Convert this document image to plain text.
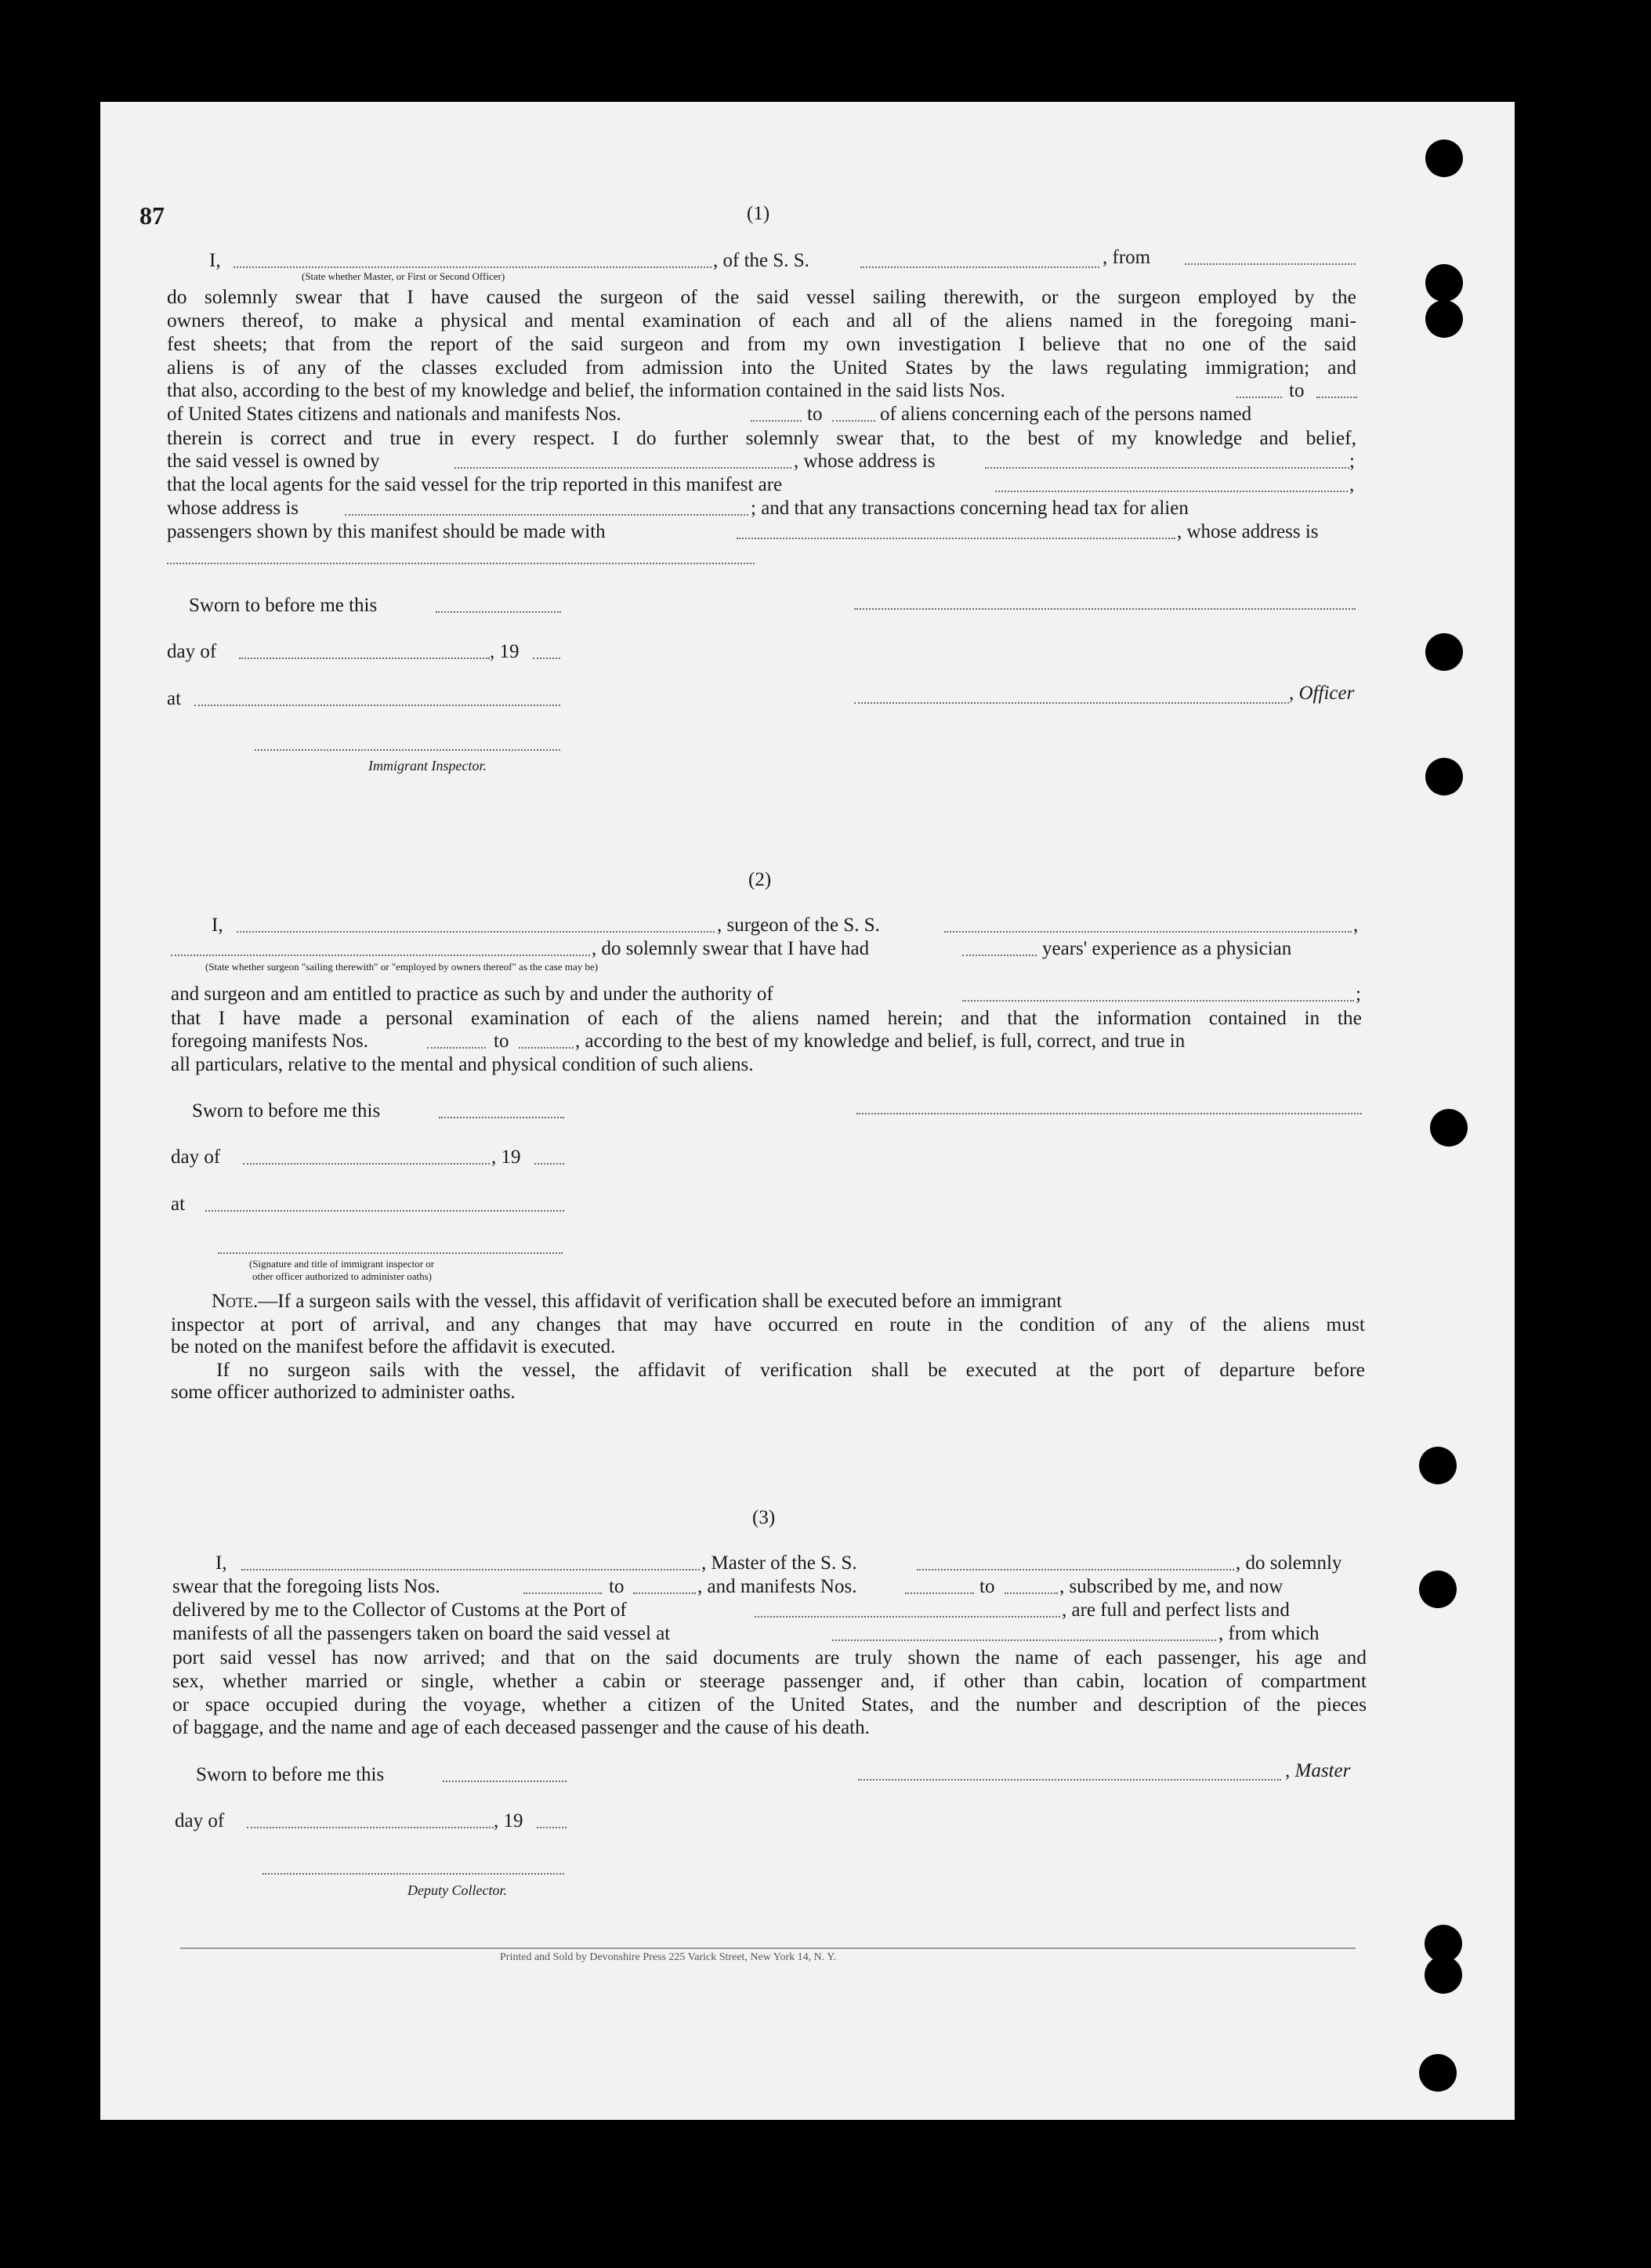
87	(1)
I,	, of the S. S.	, from
(State whether Master, or First or Second Officer)
do solemnly swear that I have caused the surgeon of the said vessel sailing therewith, or the surgeon employed by the
owners thereof, to make a physical and mental examination of each and all of the aliens named in the foregoing mani-
fest sheets; that from the report of the said surgeon and from my own investigation I believe that no one of the said
aliens is of any of the classes excluded from admission into the United States by the laws regulating immigration; and
that also, according to the best of my knowledge and belief, the information contained in the said lists Nos.	to
of United States citizens and nationals and manifests Nos.	to	of aliens concerning each of the persons named
therein is correct and true in every respect. I do further solemnly swear that, to the best of my knowledge and belief,
the said vessel is owned by	, whose address is	;
that the local agents for the said vessel for the trip reported in this manifest are	,
whose address is	; and that any transactions concerning head tax for alien
passengers shown by this manifest should be made with	, whose address is
Sworn to before me this
day of	, 19
at	, Officer
Immigrant Inspector.
(2)
I,	, surgeon of the S. S.	,
, do solemnly swear that I have had	years' experience as a physician
(State whether surgeon "sailing therewith" or "employed by owners thereof" as the case may be)
and surgeon and am entitled to practice as such by and under the authority of	;
that I have made a personal examination of each of the aliens named herein; and that the information contained in the
foregoing manifests Nos.	to	, according to the best of my knowledge and belief, is full, correct, and true in
all particulars, relative to the mental and physical condition of such aliens.
Sworn to before me this
day of	, 19
at
(Signature and title of immigrant inspector or
other officer authorized to administer oaths)
Note.—If a surgeon sails with the vessel, this affidavit of verification shall be executed before an immigrant
inspector at port of arrival, and any changes that may have occurred en route in the condition of any of the aliens must
be noted on the manifest before the affidavit is executed.
If no surgeon sails with the vessel, the affidavit of verification shall be executed at the port of departure before
some officer authorized to administer oaths.
(3)
I,	, Master of the S. S.	, do solemnly
swear that the foregoing lists Nos.	to	, and manifests Nos.	to	, subscribed by me, and now
delivered by me to the Collector of Customs at the Port of	, are full and perfect lists and
manifests of all the passengers taken on board the said vessel at	, from which
port said vessel has now arrived; and that on the said documents are truly shown the name of each passenger, his age and
sex, whether married or single, whether a cabin or steerage passenger and, if other than cabin, location of compartment
or space occupied during the voyage, whether a citizen of the United States, and the number and description of the pieces
of baggage, and the name and age of each deceased passenger and the cause of his death.
Sworn to before me this	, Master
day of	, 19
Deputy Collector.
Printed and Sold by Devonshire Press 225 Varick Street, New York 14, N. Y.
